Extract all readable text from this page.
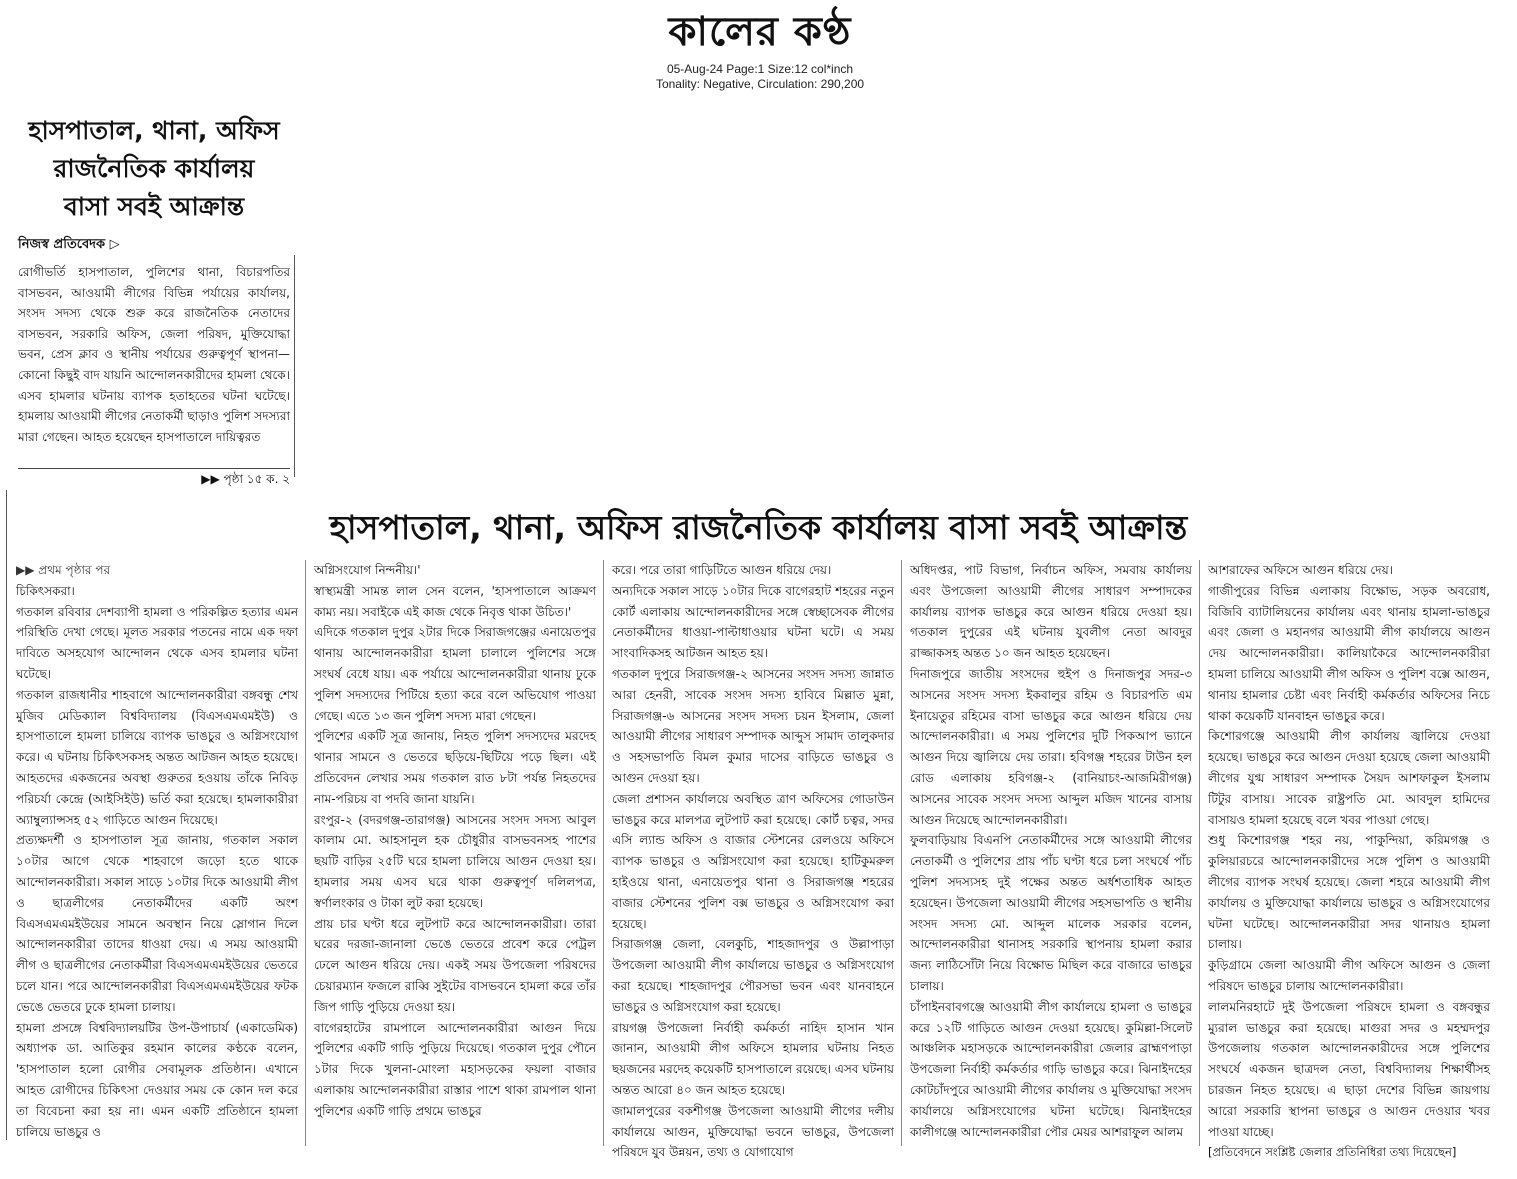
কালের কণ্ঠ
05-Aug-24 Page:1 Size:12 col*inch
Tonality: Negative, Circulation: 290,200
হাসপাতাল, থানা, অফিস
রাজনৈতিক কার্যালয়
বাসা সবই আক্রান্ত
নিজস্ব প্রতিবেদক ▷
রোগীভর্তি হাসপাতাল, পুলিশের থানা, বিচারপতির বাসভবন, আওয়ামী লীগের বিভিন্ন পর্যায়ের কার্যালয়, সংসদ সদস্য থেকে শুরু করে রাজনৈতিক নেতাদের বাসভবন, সরকারি অফিস, জেলা পরিষদ, মুক্তিযোদ্ধা ভবন, প্রেস ক্লাব ও স্থানীয় পর্যায়ের গুরুত্বপূর্ণ স্থাপনা— কোনো কিছুই বাদ যায়নি আন্দোলনকারীদের হামলা থেকে। এসব হামলার ঘটনায় ব্যাপক হতাহতের ঘটনা ঘটেছে। হামলায় আওয়ামী লীগের নেতাকর্মী ছাড়াও পুলিশ সদস্যরা মারা গেছেন। আহত হয়েছেন হাসপাতালে দায়িত্বরত
▶▶ পৃষ্ঠা ১৫ ক. ২
হাসপাতাল, থানা, অফিস রাজনৈতিক কার্যালয় বাসা সবই আক্রান্ত

▶▶ প্রথম পৃষ্ঠার পর

চিকিৎসকরা।

গতকাল রবিবার দেশব্যাপী হামলা ও পরিকল্পিত হত্যার এমন পরিস্থিতি দেখা গেছে। মূলত সরকার পতনের নামে এক দফা দাবিতে অসহযোগ আন্দোলন থেকে এসব হামলার ঘটনা ঘটেছে।

গতকাল রাজধানীর শাহবাগে আন্দোলনকারীরা বঙ্গবন্ধু শেখ মুজিব মেডিক্যাল বিশ্ববিদ্যালয় (বিএসএমএমইউ) ও হাসপাতালে হামলা চালিয়ে ব্যাপক ভাঙচুর ও অগ্নিসংযোগ করে। এ ঘটনায় চিকিৎসকসহ অন্তত আটজন আহত হয়েছে। আহতদের একজনের অবস্থা গুরুতর হওয়ায় তাঁকে নিবিড় পরিচর্যা কেন্দ্রে (আইসিইউ) ভর্তি করা হয়েছে। হামলাকারীরা অ্যাম্বুল্যান্সসহ ৫২ গাড়িতে আগুন দিয়েছে।

প্রত্যক্ষদর্শী ও হাসপাতাল সূত্র জানায়, গতকাল সকাল ১০টার আগে থেকে শাহবাগে জড়ো হতে থাকে আন্দোলনকারীরা। সকাল সাড়ে ১০টার দিকে আওয়ামী লীগ ও ছাত্রলীগের নেতাকর্মীদের একটি অংশ বিএসএমএমইউয়ের সামনে অবস্থান নিয়ে স্লোগান দিলে আন্দোলনকারীরা তাদের ধাওয়া দেয়। এ সময় আওয়ামী লীগ ও ছাত্রলীগের নেতাকর্মীরা বিএসএমএমইউয়ের ভেতরে চলে যান। পরে আন্দোলনকারীরা বিএসএমএমইউয়ের ফটক ভেঙে ভেতরে ঢুকে হামলা চালায়।

হামলা প্রসঙ্গে বিশ্ববিদ্যালয়টির উপ-উপাচার্য (একাডেমিক) অধ্যাপক ডা. আতিকুর রহমান কালের কণ্ঠকে বলেন, 'হাসপাতাল হলো রোগীর সেবামূলক প্রতিষ্ঠান। এখানে আহত রোগীদের চিকিৎসা দেওয়ার সময় কে কোন দল করে তা বিবেচনা করা হয় না। এমন একটি প্রতিষ্ঠানে হামলা চালিয়ে ভাঙচুর ও

অগ্নিসংযোগ নিন্দনীয়।'

স্বাস্থ্যমন্ত্রী সামন্ত লাল সেন বলেন, 'হাসপাতালে আক্রমণ কাম্য নয়। সবাইকে এই কাজ থেকে নিবৃত্ত থাকা উচিত।'

এদিকে গতকাল দুপুর ২টার দিকে সিরাজগঞ্জের এনায়েতপুর থানায় আন্দোলনকারীরা হামলা চালালে পুলিশের সঙ্গে সংঘর্ষ বেধে যায়। এক পর্যায়ে আন্দোলনকারীরা থানায় ঢুকে পুলিশ সদস্যদের পিটিয়ে হত্যা করে বলে অভিযোগ পাওয়া গেছে। এতে ১৩ জন পুলিশ সদস্য মারা গেছেন।

পুলিশের একটি সূত্র জানায়, নিহত পুলিশ সদস্যদের মরদেহ থানার সামনে ও ভেতরে ছড়িয়ে-ছিটিয়ে পড়ে ছিল। এই প্রতিবেদন লেখার সময় গতকাল রাত ৮টা পর্যন্ত নিহতদের নাম-পরিচয় বা পদবি জানা যায়নি।

রংপুর-২ (বদরগঞ্জ-তারাগঞ্জ) আসনের সংসদ সদস্য আবুল কালাম মো. আহসানুল হক চৌধুরীর বাসভবনসহ পাশের ছয়টি বাড়ির ২৫টি ঘরে হামলা চালিয়ে আগুন দেওয়া হয়। হামলার সময় এসব ঘরে থাকা গুরুত্বপূর্ণ দলিলপত্র, স্বর্ণালংকার ও টাকা লুট করা হয়েছে।

প্রায় চার ঘণ্টা ধরে লুটপাট করে আন্দোলনকারীরা। তারা ঘরের দরজা-জানালা ভেঙে ভেতরে প্রবেশ করে পেট্রল ঢেলে আগুন ধরিয়ে দেয়। একই সময় উপজেলা পরিষদের চেয়ারম্যান ফজলে রাব্বি সুইটের বাসভবনে হামলা করে তাঁর জিপ গাড়ি পুড়িয়ে দেওয়া হয়।

বাগেরহাটের রামপালে আন্দোলনকারীরা আগুন দিয়ে পুলিশের একটি গাড়ি পুড়িয়ে দিয়েছে। গতকাল দুপুর পৌনে ১টার দিকে খুলনা-মোংলা মহাসড়কের ফয়লা বাজার এলাকায় আন্দোলনকারীরা রাস্তার পাশে থাকা রামপাল থানা পুলিশের একটি গাড়ি প্রথমে ভাঙচুর

করে। পরে তারা গাড়িটিতে আগুন ধরিয়ে দেয়।

অন্যদিকে সকাল সাড়ে ১০টার দিকে বাগেরহাট শহরের নতুন কোর্ট এলাকায় আন্দোলনকারীদের সঙ্গে স্বেচ্ছাসেবক লীগের নেতাকর্মীদের ধাওয়া-পাল্টাধাওয়ার ঘটনা ঘটে। এ সময় সাংবাদিকসহ আটজন আহত হয়।

গতকাল দুপুরে সিরাজগঞ্জ-২ আসনের সংসদ সদস্য জান্নাত আরা হেনরী, সাবেক সংসদ সদস্য হাবিবে মিল্লাত মুন্না, সিরাজগঞ্জ-৬ আসনের সংসদ সদস্য চয়ন ইসলাম, জেলা আওয়ামী লীগের সাধারণ সম্পাদক আব্দুস সামাদ তালুকদার ও সহসভাপতি বিমল কুমার দাসের বাড়িতে ভাঙচুর ও আগুন দেওয়া হয়।

জেলা প্রশাসন কার্যালয়ে অবস্থিত ত্রাণ অফিসের গোডাউন ভাঙচুর করে মালপত্র লুটপাট করা হয়েছে। কোর্ট চত্বর, সদর এসি ল্যান্ড অফিস ও বাজার স্টেশনের রেলওয়ে অফিসে ব্যাপক ভাঙচুর ও অগ্নিসংযোগ করা হয়েছে। হাটিকুমরুল হাইওয়ে থানা, এনায়েতপুর থানা ও সিরাজগঞ্জ শহরের বাজার স্টেশনের পুলিশ বক্স ভাঙচুর ও অগ্নিসংযোগ করা হয়েছে।

সিরাজগঞ্জ জেলা, বেলকুচি, শাহজাদপুর ও উল্লাপাড়া উপজেলা আওয়ামী লীগ কার্যালয়ে ভাঙচুর ও অগ্নিসংযোগ করা হয়েছে। শাহজাদপুর পৌরসভা ভবন এবং যানবাহনে ভাঙচুর ও অগ্নিসংযোগ করা হয়েছে।

রায়গঞ্জ উপজেলা নির্বাহী কর্মকর্তা নাহিদ হাসান খান জানান, আওয়ামী লীগ অফিসে হামলার ঘটনায় নিহত ছয়জনের মরদেহ কয়েকটি হাসপাতালে রয়েছে। এসব ঘটনায় অন্তত আরো ৪০ জন আহত হয়েছে।

জামালপুরের বকশীগঞ্জ উপজেলা আওয়ামী লীগের দলীয় কার্যালয়ে আগুন, মুক্তিযোদ্ধা ভবনে ভাঙচুর, উপজেলা পরিষদে যুব উন্নয়ন, তথ্য ও যোগাযোগ

অধিদপ্তর, পাট বিভাগ, নির্বাচন অফিস, সমবায় কার্যালয় এবং উপজেলা আওয়ামী লীগের সাধারণ সম্পাদকের কার্যালয় ব্যাপক ভাঙচুর করে আগুন ধরিয়ে দেওয়া হয়। গতকাল দুপুরের এই ঘটনায় যুবলীগ নেতা আবদুর রাজ্জাকসহ অন্তত ১০ জন আহত হয়েছেন।

দিনাজপুরে জাতীয় সংসদের হুইপ ও দিনাজপুর সদর-৩ আসনের সংসদ সদস্য ইকবালুর রহিম ও বিচারপতি এম ইনায়েতুর রহিমের বাসা ভাঙচুর করে আগুন ধরিয়ে দেয় আন্দোলনকারীরা। এ সময় পুলিশের দুটি পিকআপ ভ্যানে আগুন দিয়ে জ্বালিয়ে দেয় তারা। হবিগঞ্জ শহরের টাউন হল রোড এলাকায় হবিগঞ্জ-২ (বানিয়াচং-আজমিরীগঞ্জ) আসনের সাবেক সংসদ সদস্য আব্দুল মজিদ খানের বাসায় আগুন দিয়েছে আন্দোলনকারীরা।

ফুলবাড়িয়ায় বিএনপি নেতাকর্মীদের সঙ্গে আওয়ামী লীগের নেতাকর্মী ও পুলিশের প্রায় পাঁচ ঘণ্টা ধরে চলা সংঘর্ষে পাঁচ পুলিশ সদস্যসহ দুই পক্ষের অন্তত অর্ধশতাধিক আহত হয়েছেন। উপজেলা আওয়ামী লীগের সহসভাপতি ও স্থানীয় সংসদ সদস্য মো. আব্দুল মালেক সরকার বলেন, আন্দোলনকারীরা থানাসহ সরকারি স্থাপনায় হামলা করার জন্য লাঠিসোঁটা নিয়ে বিক্ষোভ মিছিল করে বাজারে ভাঙচুর চালায়।

চাঁপাইনবাবগঞ্জে আওয়ামী লীগ কার্যালয়ে হামলা ও ভাঙচুর করে ১২টি গাড়িতে আগুন দেওয়া হয়েছে। কুমিল্লা-সিলেট আঞ্চলিক মহাসড়কে আন্দোলনকারীরা জেলার ব্রাহ্মণপাড়া উপজেলা নির্বাহী কর্মকর্তার গাড়ি ভাঙচুর করে। ঝিনাইদহের কোটচাঁদপুরে আওয়ামী লীগের কার্যালয় ও মুক্তিযোদ্ধা সংসদ কার্যালয়ে অগ্নিসংযোগের ঘটনা ঘটেছে। ঝিনাইদহের কালীগঞ্জে আন্দোলনকারীরা পৌর মেয়র আশরাফুল আলম

আশরাফের অফিসে আগুন ধরিয়ে দেয়।

গাজীপুরের বিভিন্ন এলাকায় বিক্ষোভ, সড়ক অবরোধ, বিজিবি ব্যাটালিয়নের কার্যালয় এবং থানায় হামলা-ভাঙচুর এবং জেলা ও মহানগর আওয়ামী লীগ কার্যালয়ে আগুন দেয় আন্দোলনকারীরা। কালিয়াকৈরে আন্দোলনকারীরা হামলা চালিয়ে আওয়ামী লীগ অফিস ও পুলিশ বক্সে আগুন, থানায় হামলার চেষ্টা এবং নির্বাহী কর্মকর্তার অফিসের নিচে থাকা কয়েকটি যানবাহন ভাঙচুর করে।

কিশোরগঞ্জে আওয়ামী লীগ কার্যালয় জ্বালিয়ে দেওয়া হয়েছে। ভাঙচুর করে আগুন দেওয়া হয়েছে জেলা আওয়ামী লীগের যুগ্ম সাধারণ সম্পাদক সৈয়দ আশফাকুল ইসলাম টিটুর বাসায়। সাবেক রাষ্ট্রপতি মো. আবদুল হামিদের বাসায়ও হামলা হয়েছে বলে খবর পাওয়া গেছে।

শুধু কিশোরগঞ্জ শহর নয়, পাকুন্দিয়া, করিমগঞ্জ ও কুলিয়ারচরে আন্দোলনকারীদের সঙ্গে পুলিশ ও আওয়ামী লীগের ব্যাপক সংঘর্ষ হয়েছে। জেলা শহরে আওয়ামী লীগ কার্যালয় ও মুক্তিযোদ্ধা কার্যালয়ে ভাঙচুর ও অগ্নিসংযোগের ঘটনা ঘটেছে। আন্দোলনকারীরা সদর থানায়ও হামলা চালায়।

কুড়িগ্রামে জেলা আওয়ামী লীগ অফিসে আগুন ও জেলা পরিষদে ভাঙচুর চালায় আন্দোলনকারীরা।

লালমনিরহাটে দুই উপজেলা পরিষদে হামলা ও বঙ্গবন্ধুর ম্যুরাল ভাঙচুর করা হয়েছে। মাগুরা সদর ও মহম্মদপুর উপজেলায় গতকাল আন্দোলনকারীদের সঙ্গে পুলিশের সংঘর্ষে একজন ছাত্রদল নেতা, বিশ্ববিদ্যালয় শিক্ষার্থীসহ চারজন নিহত হয়েছে। এ ছাড়া দেশের বিভিন্ন জায়গায় আরো সরকারি স্থাপনা ভাঙচুর ও আগুন দেওয়ার খবর পাওয়া যাচ্ছে।

[প্রতিবেদনে সংশ্লিষ্ট জেলার প্রতিনিধিরা তথ্য দিয়েছেন]
